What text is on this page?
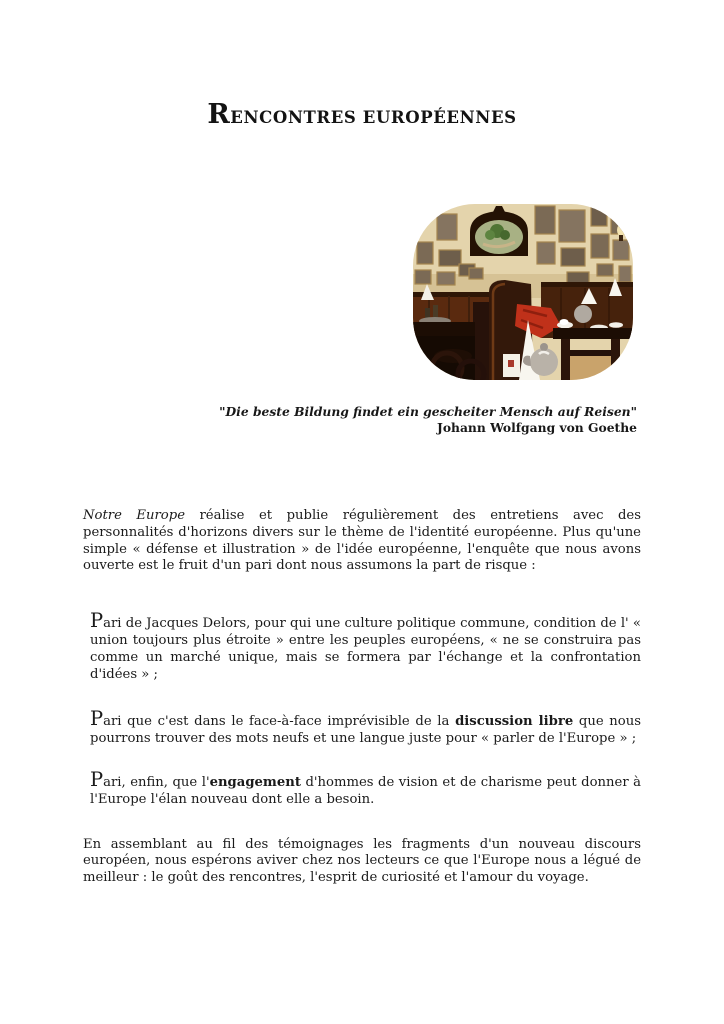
RENCONTRES EUROPÉENNES
"Die beste Bildung findet ein gescheiter Mensch auf Reisen"
Johann Wolfgang von Goethe

Notre Europe réalise et publie régulièrement des entretiens avec des personnalités d'horizons divers sur le thème de l'identité européenne. Plus qu'une simple « défense et illustration » de l'idée européenne, l'enquête que nous avons ouverte est le fruit d'un pari dont nous assumons la part de risque :

Pari de Jacques Delors, pour qui une culture politique commune, condition de l' « union toujours plus étroite » entre les peuples européens, « ne se construira pas comme un marché unique, mais se formera par l'échange et la confrontation d'idées » ;

Pari que c'est dans le face-à-face imprévisible de la discussion libre que nous pourrons trouver des mots neufs et une langue juste pour « parler de l'Europe » ;

Pari, enfin, que l'engagement d'hommes de vision et de charisme peut donner à l'Europe l'élan nouveau dont elle a besoin.

En assemblant au fil des témoignages les fragments d'un nouveau discours européen, nous espérons aviver chez nos lecteurs ce que l'Europe nous a légué de meilleur : le goût des rencontres, l'esprit de curiosité et l'amour du voyage.
